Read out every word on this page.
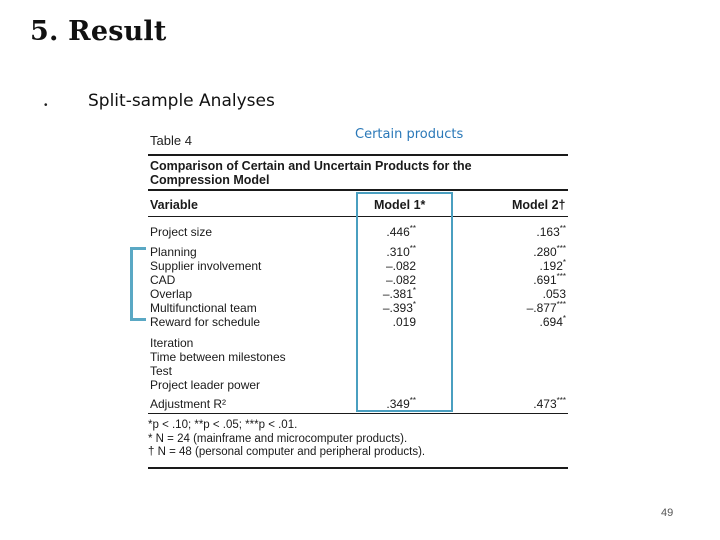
5. Result
• Split-sample Analyses
Certain products
Table 4
Comparison of Certain and Uncertain Products for the
Compression Model
Variable	Model 1*	Model 2†
Project size	.446**	.163**
Planning	.310**	.280***
Supplier involvement	–.082	.192*
CAD	–.082	.691***
Overlap	–.381*	.053
Multifunctional team	–.393*	–.877***
Reward for schedule	.019	.694*
Iteration
Time between milestones
Test
Project leader power
Adjustment R²	.349**	.473***
*p < .10; **p < .05; ***p < .01.
* N = 24 (mainframe and microcomputer products).
† N = 48 (personal computer and peripheral products).
49
